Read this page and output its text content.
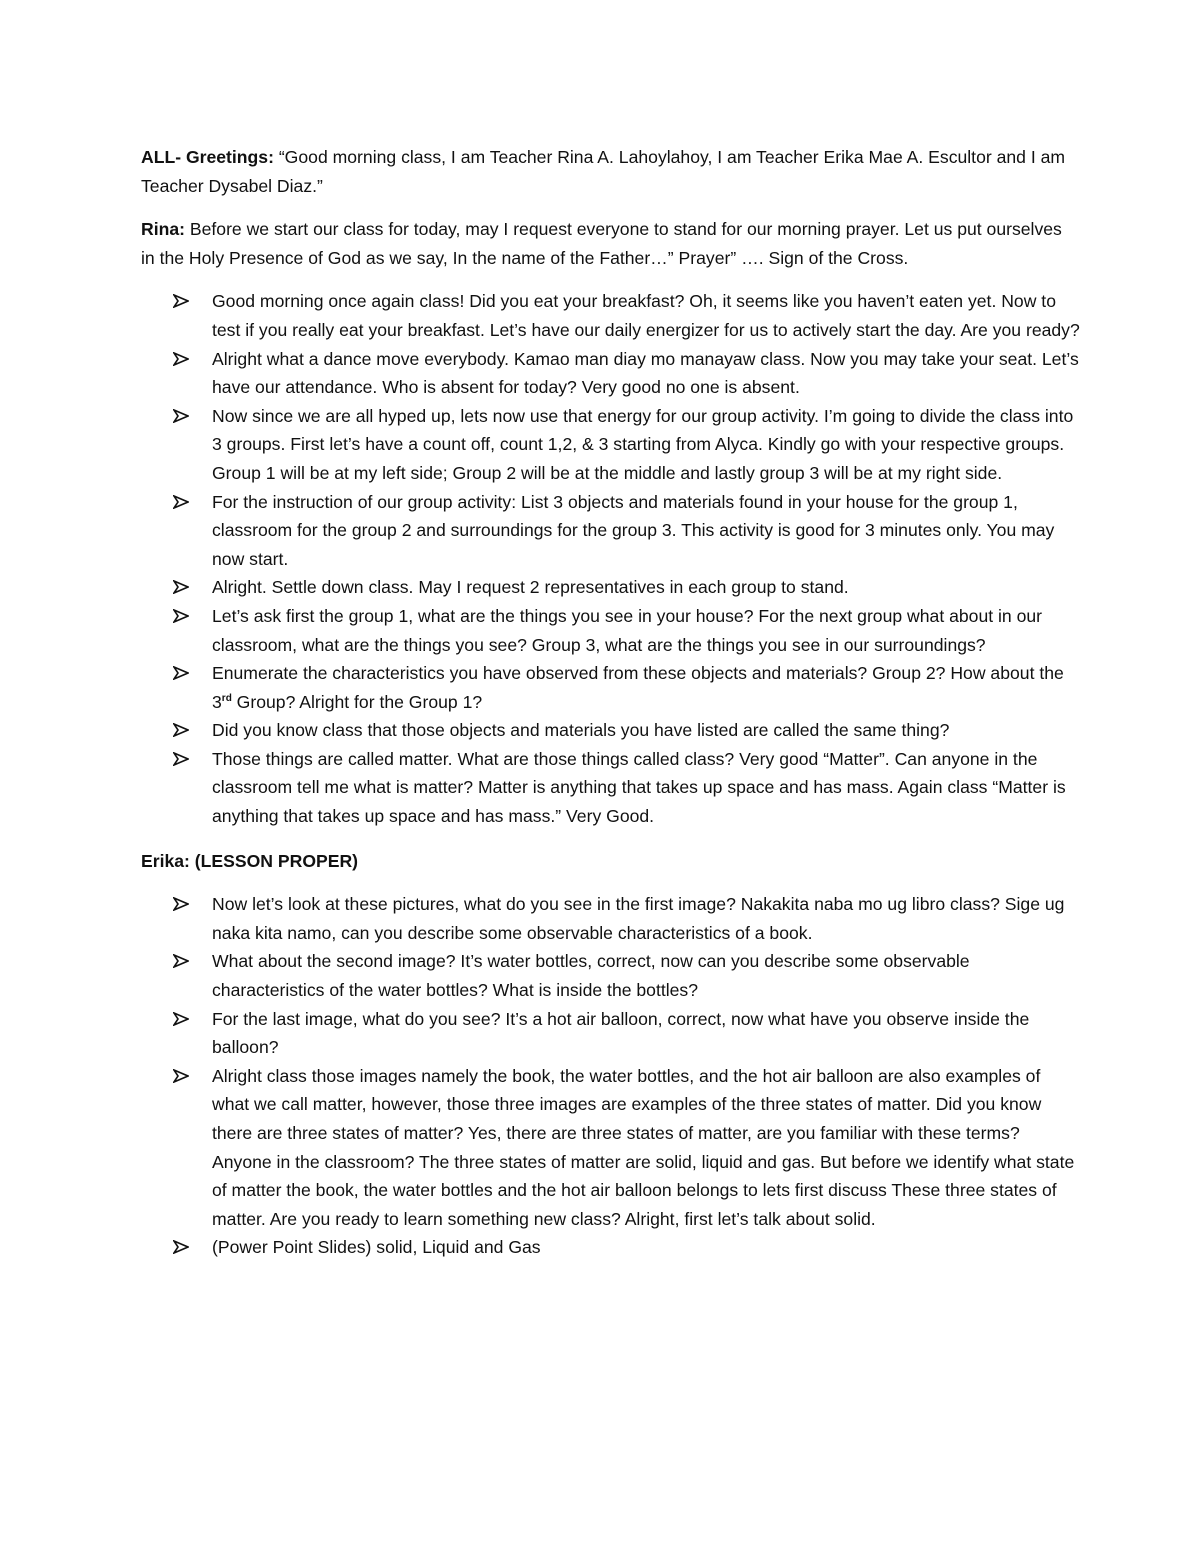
ALL- Greetings: “Good morning class, I am Teacher Rina A. Lahoylahoy, I am Teacher Erika Mae A. Escultor and I am Teacher Dysabel Diaz.”

Rina: Before we start our class for today, may I request everyone to stand for our morning prayer. Let us put ourselves in the Holy Presence of God as we say, In the name of the Father…” Prayer” …. Sign of the Cross.

Good morning once again class! Did you eat your breakfast? Oh, it seems like you haven’t eaten yet. Now to test if you really eat your breakfast. Let’s have our daily energizer for us to actively start the day. Are you ready?
Alright what a dance move everybody. Kamao man diay mo manayaw class. Now you may take your seat. Let’s have our attendance. Who is absent for today? Very good no one is absent.
Now since we are all hyped up, lets now use that energy for our group activity. I’m going to divide the class into 3 groups. First let’s have a count off, count 1,2, & 3 starting from Alyca. Kindly go with your respective groups. Group 1 will be at my left side; Group 2 will be at the middle and lastly group 3 will be at my right side.
For the instruction of our group activity: List 3 objects and materials found in your house for the group 1, classroom for the group 2 and surroundings for the group 3. This activity is good for 3 minutes only. You may now start.
Alright. Settle down class. May I request 2 representatives in each group to stand.
Let’s ask first the group 1, what are the things you see in your house? For the next group what about in our classroom, what are the things you see? Group 3, what are the things you see in our surroundings?
Enumerate the characteristics you have observed from these objects and materials? Group 2? How about the 3rd Group? Alright for the Group 1?
Did you know class that those objects and materials you have listed are called the same thing?
Those things are called matter. What are those things called class? Very good “Matter”. Can anyone in the classroom tell me what is matter? Matter is anything that takes up space and has mass. Again class “Matter is anything that takes up space and has mass.” Very Good.

Erika: (LESSON PROPER)

Now let’s look at these pictures, what do you see in the first image? Nakakita naba mo ug libro class? Sige ug naka kita namo, can you describe some observable characteristics of a book.
What about the second image? It’s water bottles, correct, now can you describe some observable characteristics of the water bottles? What is inside the bottles?
For the last image, what do you see? It’s a hot air balloon, correct, now what have you observe inside the balloon?
Alright class those images namely the book, the water bottles, and the hot air balloon are also examples of what we call matter, however, those three images are examples of the three states of matter. Did you know there are three states of matter? Yes, there are three states of matter, are you familiar with these terms? Anyone in the classroom? The three states of matter are solid, liquid and gas. But before we identify what state of matter the book, the water bottles and the hot air balloon belongs to lets first discuss These three states of matter. Are you ready to learn something new class? Alright, first let’s talk about solid.
(Power Point Slides) solid, Liquid and Gas
